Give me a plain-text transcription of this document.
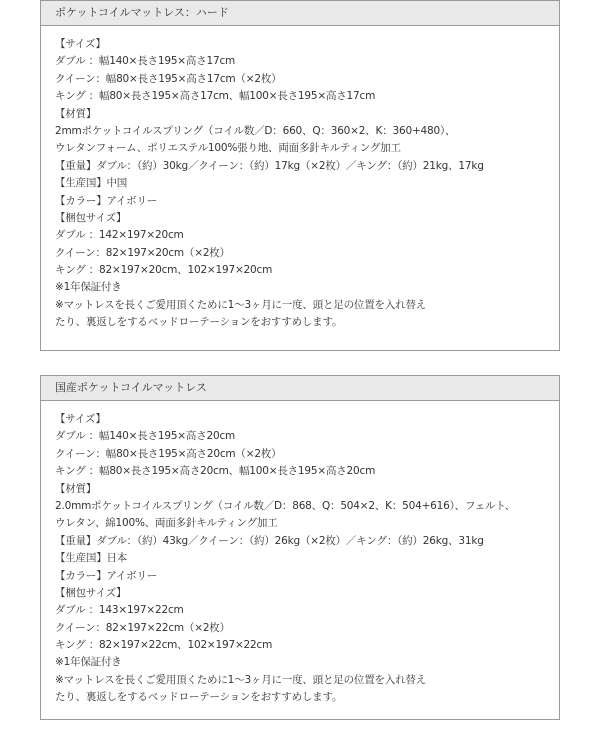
ポケットコイルマットレス：ハード
【サイズ】
ダブル ：幅140×長さ195×高さ17cm
クイーン：幅80×長さ195×高さ17cm（×2枚）
キング ：幅80×長さ195×高さ17cm、幅100×長さ195×高さ17cm
【材質】
2mmポケットコイルスプリング（コイル数／D：660、Q：360×2、K：360+480）、
ウレタンフォーム、ポリエステル100%張り地、両面多針キルティング加工
【重量】ダブル：（約）30kg／クイーン：（約）17kg（×2枚）／キング：（約）21kg、17kg
【生産国】中国
【カラー】アイボリー
【梱包サイズ】
ダブル ：142×197×20cm
クイーン：82×197×20cm（×2枚）
キング ：82×197×20cm、102×197×20cm
※1年保証付き
※マットレスを長くご愛用頂くために1～3ヶ月に一度、頭と足の位置を入れ替え
たり、裏返しをするベッドローテーションをおすすめします。
国産ポケットコイルマットレス
【サイズ】
ダブル ：幅140×長さ195×高さ20cm
クイーン：幅80×長さ195×高さ20cm（×2枚）
キング ：幅80×長さ195×高さ20cm、幅100×長さ195×高さ20cm
【材質】
2.0mmポケットコイルスプリング（コイル数／D：868、Q：504×2、K：504+616）、フェルト、
ウレタン、綿100%、両面多針キルティング加工
【重量】ダブル：（約）43kg／クイーン：（約）26kg（×2枚）／キング：（約）26kg、31kg
【生産国】日本
【カラー】アイボリー
【梱包サイズ】
ダブル ：143×197×22cm
クイーン：82×197×22cm（×2枚）
キング ：82×197×22cm、102×197×22cm
※1年保証付き
※マットレスを長くご愛用頂くために1～3ヶ月に一度、頭と足の位置を入れ替え
たり、裏返しをするベッドローテーションをおすすめします。
